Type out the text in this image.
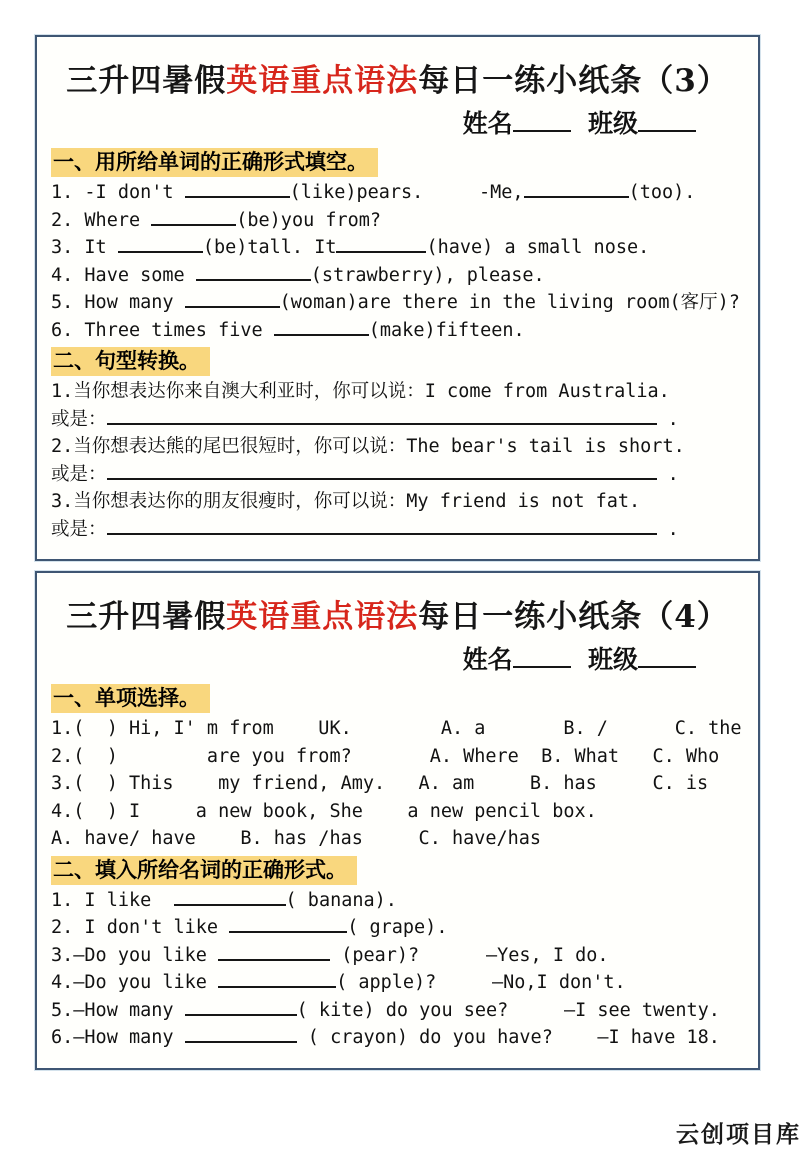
三升四暑假英语重点语法每日一练小纸条（3）
姓名  班级
一、用所给单词的正确形式填空。
1. -I don't	(like)pears.     -Me,	(too).
2. Where	(be)you from?
3. It	(be)tall. It	(have) a small nose.
4. Have some	(strawberry), please.
5. How many	(woman)are there in the living room(客厅)?
6. Three times five	(make)fifteen.
二、句型转换。
1.当你想表达你来自澳大利亚时，你可以说：I come from Australia.
或是：	.
2.当你想表达熊的尾巴很短时，你可以说：The bear's tail is short.
或是：	.
3.当你想表达你的朋友很瘦时，你可以说：My friend is not fat.
或是：	.
三升四暑假英语重点语法每日一练小纸条（4）
姓名  班级
一、单项选择。
1.(  ) Hi, I' m from    UK.        A. a       B. /      C. the
2.(  )        are you from?       A. Where  B. What   C. Who
3.(  ) This    my friend, Amy.   A. am     B. has     C. is
4.(  ) I     a new book, She    a new pencil box.
A. have/ have    B. has /has     C. have/has
二、填入所给名词的正确形式。
1. I like	( banana).
2. I don't like	( grape).
3.—Do you like	(pear)?      —Yes, I do.
4.—Do you like	( apple)?     —No,I don't.
5.—How many	( kite) do you see?     —I see twenty.
6.—How many	( crayon) do you have?    —I have 18.
云创项目库
